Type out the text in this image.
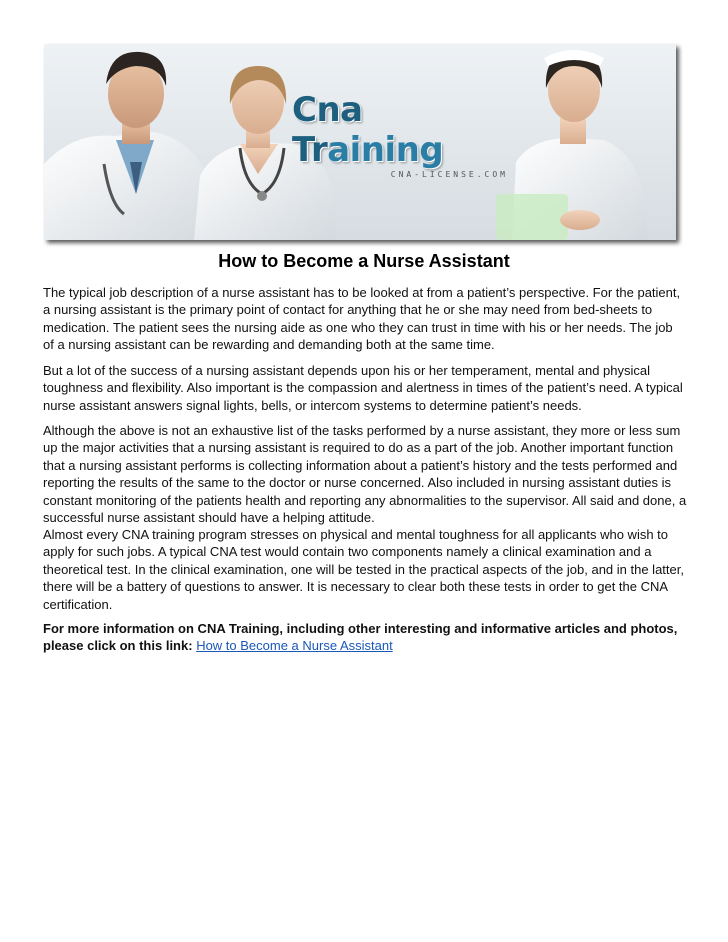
Cna Training
CNA-LICENSE.COM
How to Become a Nurse Assistant
The typical job description of a nurse assistant has to be looked at from a patient’s perspective. For the patient, a nursing assistant is the primary point of contact for anything that he or she may need from bed-sheets to medication. The patient sees the nursing aide as one who they can trust in time with his or her needs. The job of a nursing assistant can be rewarding and demanding both at the same time.
But a lot of the success of a nursing assistant depends upon his or her temperament, mental and physical toughness and flexibility. Also important is the compassion and alertness in times of the patient’s need. A typical nurse assistant answers signal lights, bells, or intercom systems to determine patient’s needs.
Although the above is not an exhaustive list of the tasks performed by a nurse assistant, they more or less sum up the major activities that a nursing assistant is required to do as a part of the job. Another important function that a nursing assistant performs is collecting information about a patient’s history and the tests performed and reporting the results of the same to the doctor or nurse concerned. Also included in nursing assistant duties is constant monitoring of the patients health and reporting any abnormalities to the supervisor. All said and done, a successful nurse assistant should have a helping attitude.
Almost every CNA training program stresses on physical and mental toughness for all applicants who wish to apply for such jobs. A typical CNA test would contain two components namely a clinical examination and a theoretical test. In the clinical examination, one will be tested in the practical aspects of the job, and in the latter, there will be a battery of questions to answer. It is necessary to clear both these tests in order to get the CNA certification.
For more information on CNA Training, including other interesting and informative articles and photos, please click on this link: How to Become a Nurse Assistant
